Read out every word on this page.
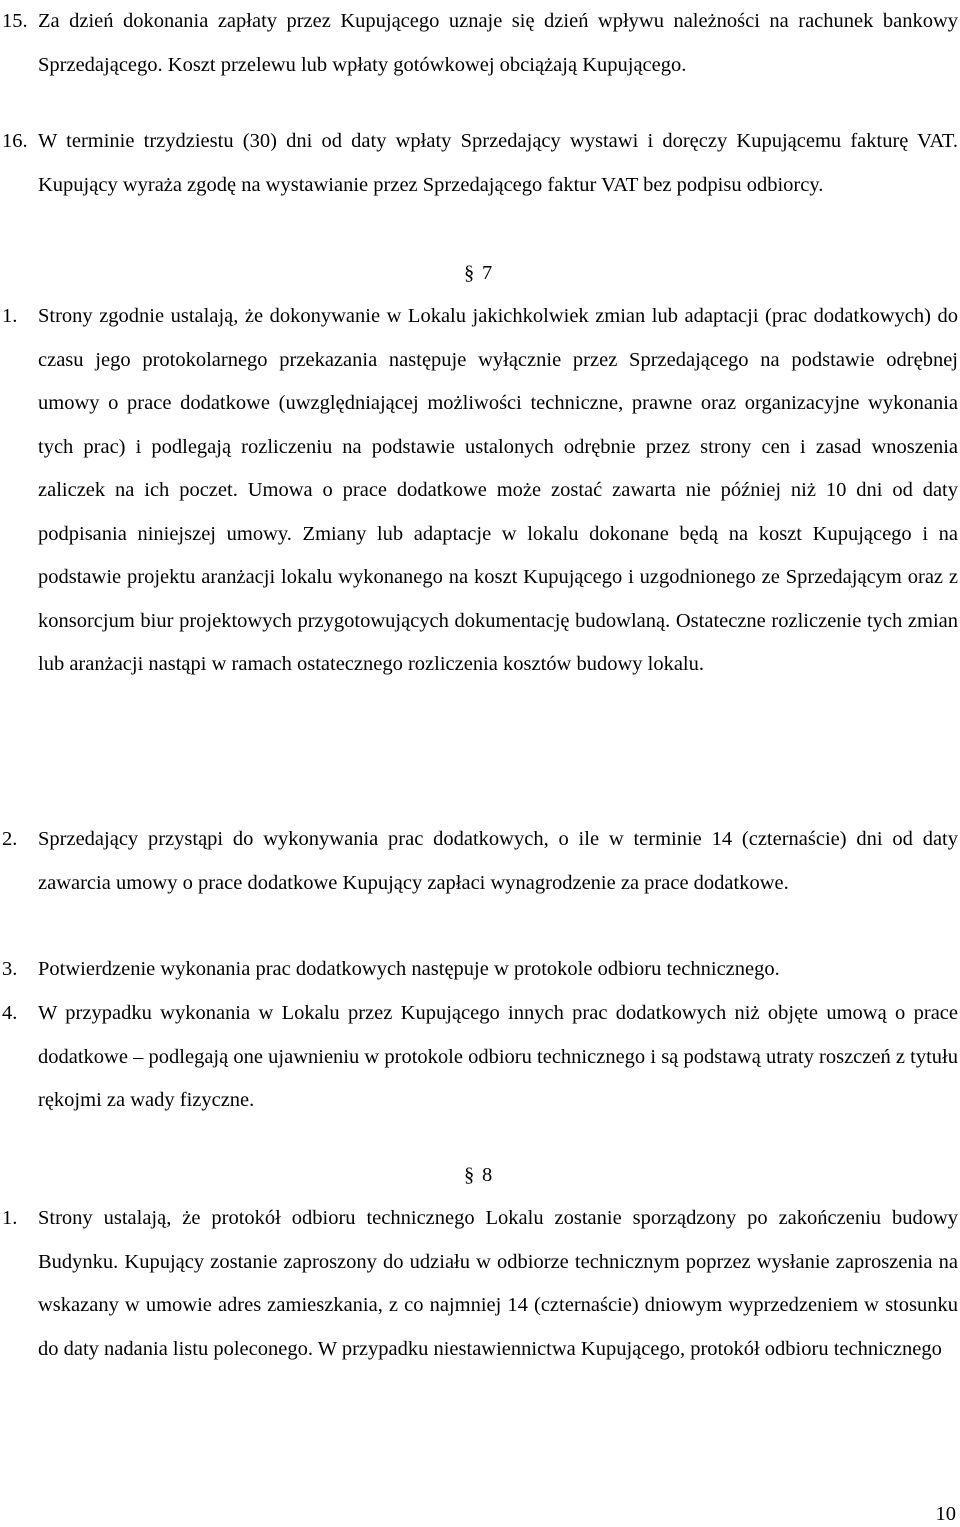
15. Za dzień dokonania zapłaty przez Kupującego uznaje się dzień wpływu należności na rachunek bankowy Sprzedającego. Koszt przelewu lub wpłaty gotówkowej obciążają Kupującego.
16. W terminie trzydziestu (30) dni od daty wpłaty Sprzedający wystawi i doręczy Kupującemu fakturę VAT. Kupujący wyraża zgodę na wystawianie przez Sprzedającego faktur VAT bez podpisu odbiorcy.
§ 7
1.	Strony zgodnie ustalają, że dokonywanie w Lokalu jakichkolwiek zmian lub adaptacji (prac dodatkowych) do czasu jego protokolarnego przekazania następuje wyłącznie przez Sprzedającego na podstawie odrębnej umowy o prace dodatkowe (uwzględniającej możliwości techniczne, prawne oraz organizacyjne wykonania tych prac) i podlegają rozliczeniu na podstawie ustalonych odrębnie przez strony cen i zasad wnoszenia zaliczek na ich poczet. Umowa o prace dodatkowe może zostać zawarta nie później niż 10 dni od daty podpisania niniejszej umowy. Zmiany lub adaptacje w lokalu dokonane będą na koszt Kupującego i na podstawie projektu aranżacji lokalu wykonanego na koszt Kupującego i uzgodnionego ze Sprzedającym oraz z konsorcjum biur projektowych przygotowujących dokumentację budowlaną. Ostateczne rozliczenie tych zmian lub aranżacji nastąpi w ramach ostatecznego rozliczenia kosztów budowy lokalu.
2.	Sprzedający przystąpi do wykonywania prac dodatkowych, o ile w terminie 14 (czternaście) dni od daty zawarcia umowy o prace dodatkowe Kupujący zapłaci wynagrodzenie za prace dodatkowe.
3.	Potwierdzenie wykonania prac dodatkowych następuje w protokole odbioru technicznego.
4.	W przypadku wykonania w Lokalu przez Kupującego innych prac dodatkowych niż objęte umową o prace dodatkowe – podlegają one ujawnieniu w protokole odbioru technicznego i są podstawą utraty roszczeń z tytułu rękojmi za wady fizyczne.
§ 8
1.	Strony ustalają, że protokół odbioru technicznego Lokalu zostanie sporządzony po zakończeniu budowy Budynku. Kupujący zostanie zaproszony do udziału w odbiorze technicznym poprzez wysłanie zaproszenia na wskazany w umowie adres zamieszkania, z co najmniej 14 (czternaście) dniowym wyprzedzeniem w stosunku do daty nadania listu poleconego. W przypadku niestawiennictwa Kupującego, protokół odbioru technicznego
10
